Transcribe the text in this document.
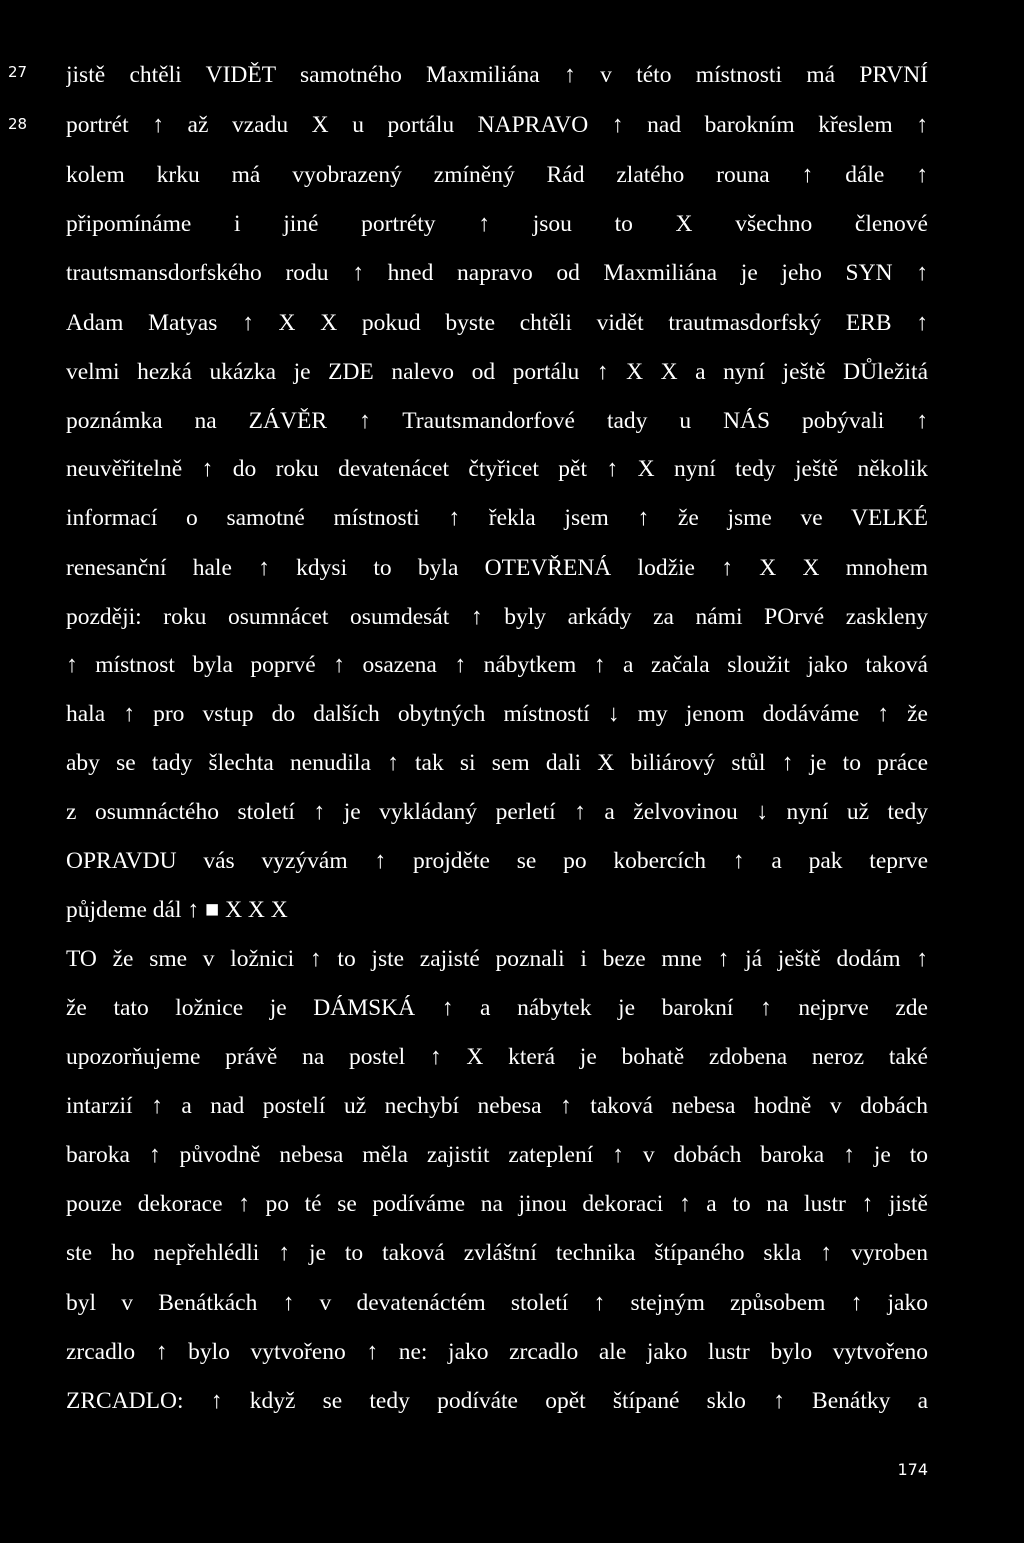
27
28
jistě chtěli VIDĚT samotného Maxmiliána ↑ v této místnosti má PRVNÍ
portrét ↑ až vzadu X u portálu NAPRAVO ↑ nad barokním křeslem ↑
kolem krku má vyobrazený zmíněný Rád zlatého rouna ↑ dále ↑
připomínáme i jiné portréty ↑ jsou to X všechno členové
trautsmansdorfského rodu ↑ hned napravo od Maxmiliána je jeho SYN ↑
Adam Matyas ↑ X X pokud byste chtěli vidět trautmasdorfský ERB ↑
velmi hezká ukázka je ZDE nalevo od portálu ↑ X X a nyní ještě DŮležitá
poznámka na ZÁVĚR ↑ Trautsmandorfové tady u NÁS pobývali ↑
neuvěřitelně ↑ do roku devatenácet čtyřicet pět ↑ X nyní tedy ještě několik
informací o samotné místnosti ↑ řekla jsem ↑ že jsme ve VELKÉ
renesanční hale ↑ kdysi to byla OTEVŘENÁ lodžie ↑ X X mnohem
později: roku osumnácet osumdesát ↑ byly arkády za námi POrvé zaskleny
↑ místnost byla poprvé ↑ osazena ↑ nábytkem ↑ a začala sloužit jako taková
hala ↑ pro vstup do dalších obytných místností ↓ my jenom dodáváme ↑ že
aby se tady šlechta nenudila ↑ tak si sem dali X biliárový stůl ↑ je to práce
z osumnáctého století ↑ je vykládaný perletí ↑ a želvovinou ↓ nyní už tedy
OPRAVDU vás vyzývám ↑ projděte se po kobercích ↑ a pak teprve
půjdeme dál ↑ ■ X X X
TO že sme v ložnici ↑ to jste zajisté poznali i beze mne ↑ já ještě dodám ↑
že tato ložnice je DÁMSKÁ ↑ a nábytek je barokní ↑ nejprve zde
upozorňujeme právě na postel ↑ X která je bohatě zdobena neroz také
intarzií ↑ a nad postelí už nechybí nebesa ↑ taková nebesa hodně v dobách
baroka ↑ původně nebesa měla zajistit zateplení ↑ v dobách baroka ↑ je to
pouze dekorace ↑ po té se podíváme na jinou dekoraci ↑ a to na lustr ↑ jistě
ste ho nepřehlédli ↑ je to taková zvláštní technika štípaného skla ↑ vyroben
byl v Benátkách ↑ v devatenáctém století ↑ stejným způsobem ↑ jako
zrcadlo ↑ bylo vytvořeno ↑ ne: jako zrcadlo ale jako lustr bylo vytvořeno
ZRCADLO: ↑ když se tedy podíváte opět štípané sklo ↑ Benátky a
174
